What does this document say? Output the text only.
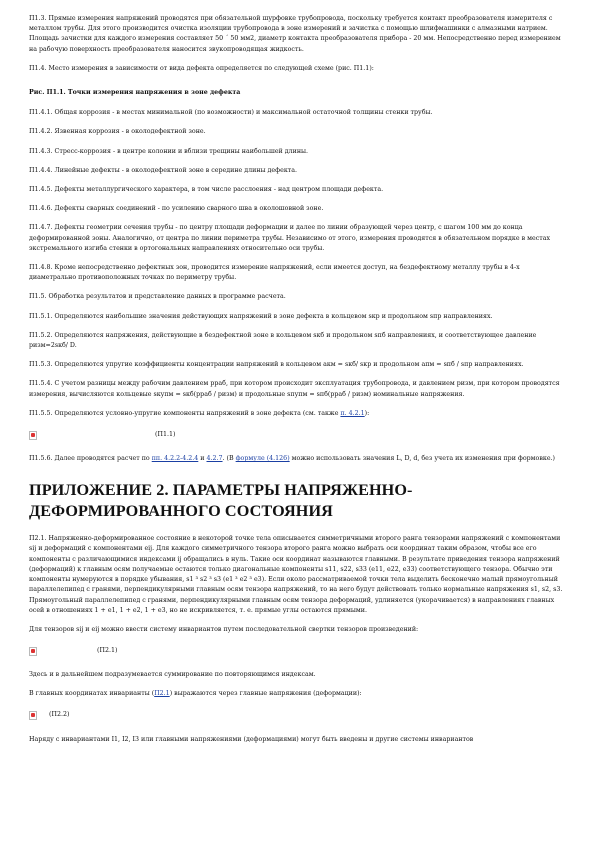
П1.3. Прямые измерения напряжений проводятся при обязательной шурфовке трубопровода, поскольку требуется контакт преобразователя измерителя с металлом трубы. Для этого производится очистка изоляции трубопровода в зоне измерений и зачистка с помощью шлифмашинки с алмазными натрием. Площадь зачистки для каждого измерения составляет 50 ´ 50 мм2, диаметр контакта преобразователя прибора - 20 мм. Непосредственно перед измерением на рабочую поверхность преобразователя наносится звукопроводящая жидкость.

П1.4. Место измерения в зависимости от вида дефекта определяется по следующей схеме (рис. П1.1):

Рис. П1.1. Точки измерения напряжения в зоне дефекта

П1.4.1. Общая коррозия - в местах минимальной (по возможности) и максимальной остаточной толщины стенки трубы.

П1.4.2. Язвенная коррозия - в околодефектной зоне.

П1.4.3. Стресс-коррозия - в центре колонии и вблизи трещины наибольшей длины.

П1.4.4. Линейные дефекты - в околодефектной зоне в середине длины дефекта.

П1.4.5. Дефекты металлургического характера, в том числе расслоения - над центром площади дефекта.

П1.4.6. Дефекты сварных соединений - по усилению сварного шва в околошовной зоне.

П1.4.7. Дефекты геометрии сечения трубы - по центру площади деформации и далее по линии образующей через центр, с шагом 100 мм до конца деформированной зоны. Аналогично, от центра по линии периметра трубы. Независимо от этого, измерения проводятся в обязательном порядке в местах экстремального изгиба стенки в ортогональных направлениях относительно оси трубы.

П1.4.8. Кроме непосредственно дефектных зон, проводится измерение напряжений, если имеется доступ, на бездефектному металлу трубы в 4-х диаметрально противоположных точках по периметру трубы.

П1.5. Обработка результатов и представление данных в программе расчета.

П1.5.1. Определяются наибольшие значения действующих напряжений в зоне дефекта в кольцевом sкр и продольном sпр направлениях.

П1.5.2. Определяются напряжения, действующие в бездефектной зоне в кольцевом sкб и продольном sпб направлениях, и соответствующее давление ризм=2sкб/ D.

П1.5.3. Определяются упругие коэффициенты концентрации напряжений в кольцевом aкм = sкб/ sкр и продольном aпм = sпб / sпр направлениях.

П1.5.4. С учетом разницы между рабочим давлением рраб, при котором происходит эксплуатация трубопровода, и давлением ризм, при котором проводятся измерения, вычисляются кольцевые sкупм = sкб(рраб / ризм) и продольные sпупм = sпб(рраб / ризм) номинальные напряжения.

П1.5.5. Определяются условно-упругие компоненты напряжений в зоне дефекта (см. также п. 4.2.1):

(П1.1)

П1.5.6. Далее проводятся расчет по пп. 4.2.2-4.2.4 и 4.2.7. (В формуле (4.126) можно использовать значения L, D, d, без учета их изменения при формовке.)

ПРИЛОЖЕНИЕ 2. ПАРАМЕТРЫ НАПРЯЖЕННО-ДЕФОРМИРОВАННОГО СОСТОЯНИЯ

П2.1. Напряженно-деформированное состояние в некоторой точке тела описывается симметричными второго ранга тензорами напряжений с компонентами sij и деформаций с компонентами eij. Для каждого симметричного тензора второго ранга можно выбрать оси координат таким образом, чтобы все его компоненты с различающимися индексами ij обращались в нуль. Такие оси координат называются главными. В результате приведения тензора напряжений (деформаций) к главным осям получаемые остаются только диагональные компоненты s11, s22, s33 (e11, e22, e33) соответствующего тензора. Обычно эти компоненты нумеруются в порядке убывания, s1 ³ s2 ³ s3 (e1 ³ e2 ³ e3). Если около рассматриваемой точки тела выделить бесконечно малый прямоугольный параллелепипед с гранями, перпендикулярными главным осям тензора напряжений, то на него будут действовать только нормальные напряжения s1, s2, s3. Прямоугольный параллелепипед с гранями, перпендикулярными главным осям тензора деформаций, удлиняется (укорачивается) в направлениях главных осей в отношениях 1 + e1, 1 + e2, 1 + e3, но не искривляется, т. е. прямые углы остаются прямыми.

Для тензоров sij и eij можно ввести систему инвариантов путем последовательной свертки тензоров произведений:

(П2.1)

Здесь и в дальнейшем подразумевается суммирование по повторяющимся индексам.

В главных координатах инварианты (П2.1) выражаются через главные напряжения (деформации):

(П2.2)

Наряду с инвариантами I1, I2, I3 или главными напряжениями (деформациями) могут быть введены и другие системы инвариантов
